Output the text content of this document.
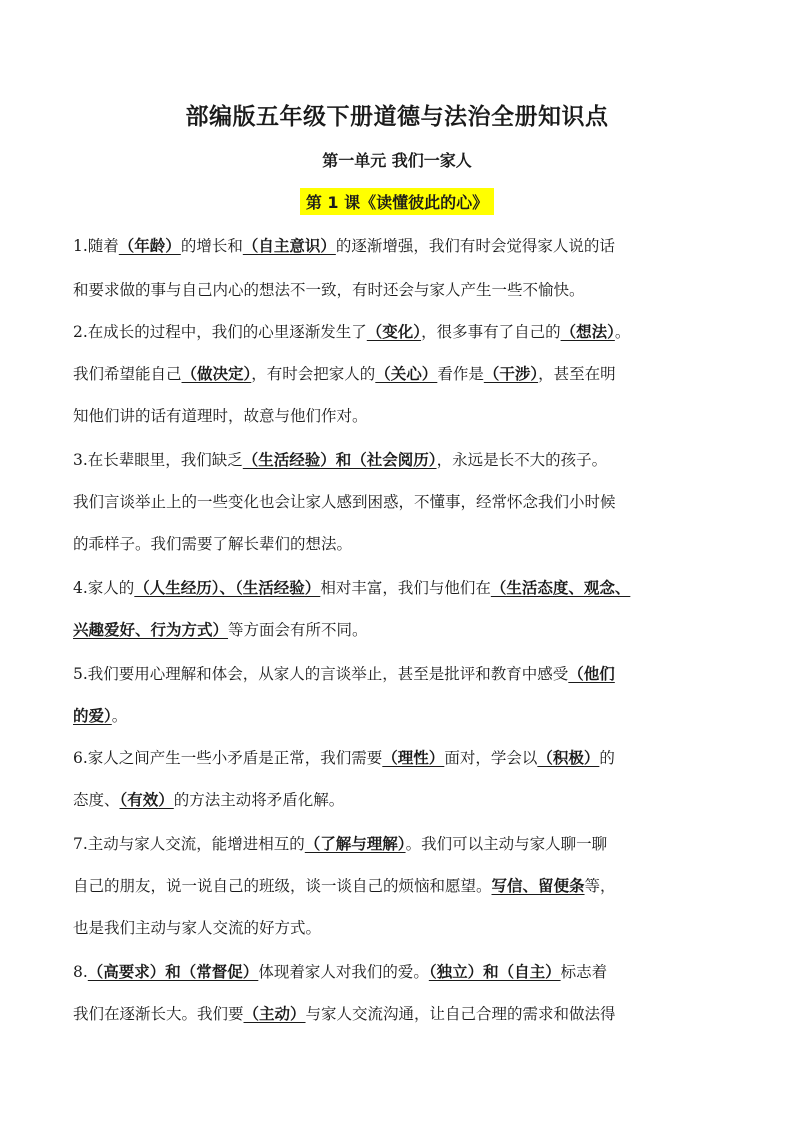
部编版五年级下册道德与法治全册知识点
第一单元 我们一家人
第 1 课《读懂彼此的心》
1.随着（年龄）的增长和（自主意识）的逐渐增强，我们有时会觉得家人说的话
和要求做的事与自己内心的想法不一致，有时还会与家人产生一些不愉快。
2.在成长的过程中，我们的心里逐渐发生了（变化），很多事有了自己的（想法）。
我们希望能自己（做决定），有时会把家人的（关心）看作是（干涉），甚至在明
知他们讲的话有道理时，故意与他们作对。
3.在长辈眼里，我们缺乏（生活经验）和（社会阅历），永远是长不大的孩子。
我们言谈举止上的一些变化也会让家人感到困惑，不懂事，经常怀念我们小时候
的乖样子。我们需要了解长辈们的想法。
4.家人的（人生经历）、（生活经验）相对丰富，我们与他们在（生活态度、观念、
兴趣爱好、行为方式）等方面会有所不同。
5.我们要用心理解和体会，从家人的言谈举止，甚至是批评和教育中感受（他们
的爱）。
6.家人之间产生一些小矛盾是正常，我们需要（理性）面对，学会以（积极）的
态度、（有效）的方法主动将矛盾化解。
7.主动与家人交流，能增进相互的（了解与理解）。我们可以主动与家人聊一聊
自己的朋友，说一说自己的班级，谈一谈自己的烦恼和愿望。写信、留便条等，
也是我们主动与家人交流的好方式。
8.（高要求）和（常督促）体现着家人对我们的爱。（独立）和（自主）标志着
我们在逐渐长大。我们要（主动）与家人交流沟通，让自己合理的需求和做法得
